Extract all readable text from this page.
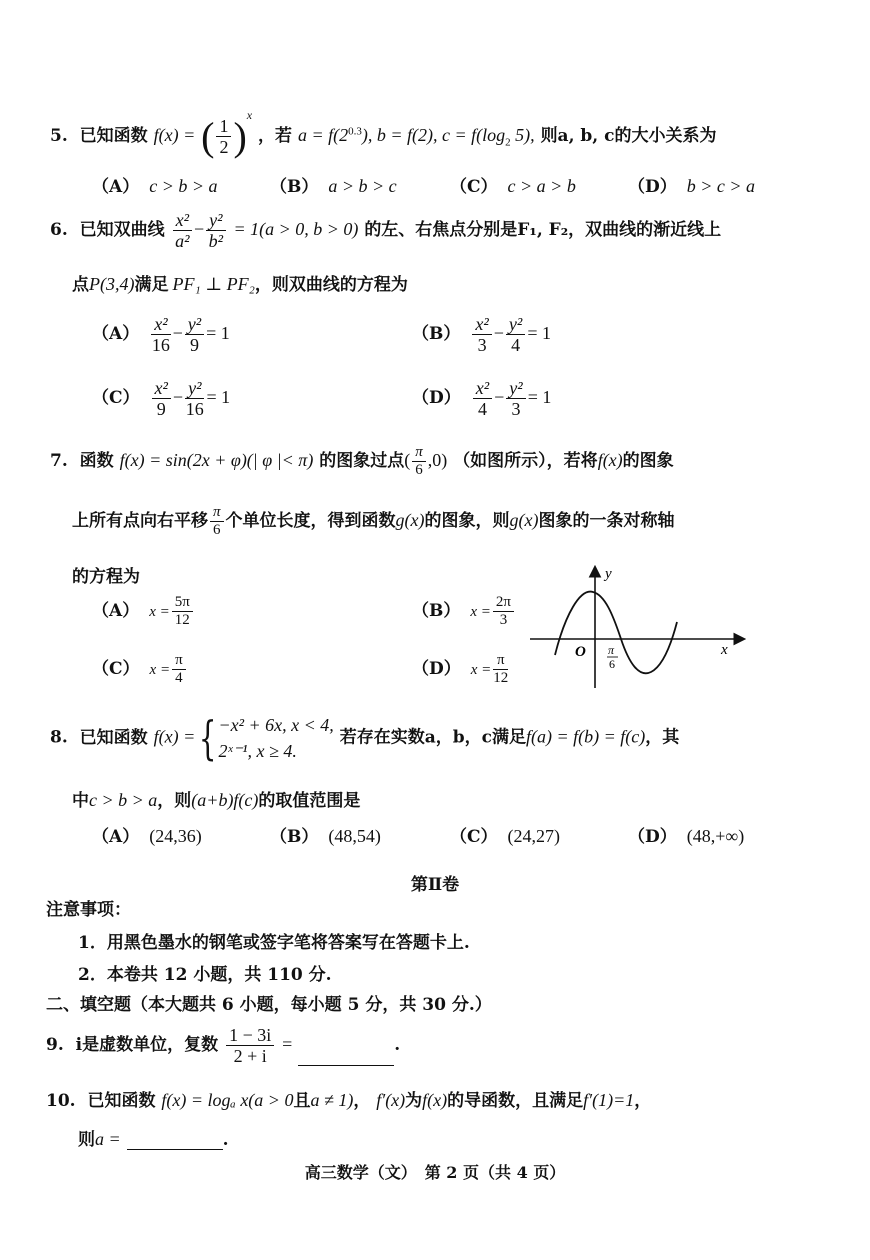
5. 已知函数 f(x) = ( $\frac{1}{2} )^x$ ，若 $a = f(2^{0.3})$, b = f(2), $c = f(\log_2$ 5), 则a, b, c的大小关系为
（A） c > b > a	（B） a > b > c	（C） c > a > b	（D） b > c > a
6. 已知双曲线 $\frac{\text{x²}}{\text{a²}} - \frac{\text{y²}}{\text{b²}} = 1(a > 0$, b > 0) 的左、右焦点分别是F₁, F₂，双曲线的渐近线上
点P(3,4)满足 PF₁ ⊥ PF₂，则双曲线的方程为
$(A) \frac{\text{x²}}{16} - \frac{\text{y²}}{9} = 1$	$(B) \frac{\text{x²}}{3} - \frac{\text{y²}}{4} = 1$
$(C) \frac{\text{x²}}{9} - \frac{\text{y²}}{16} = 1$	$(D) \frac{\text{x²}}{4} - \frac{\text{y²}}{3} = 1$
7. 函数 f(x) = sin(2x + φ)(| φ |< π) 的图象过点( $\frac{\pi}{6} ,0$) （如图所示），若将f(x)的图象
上所有点向右平移 $\frac{\pi}{6}$ 个单位长度，得到函数g(x)的图象，则g(x)图象的一条对称轴
的方程为
（A） $x = \frac{5\pi}{12}$	（B） $x = \frac{2\pi}{3}$
（C） $x = \frac{\pi}{4}$	（D） $x = \frac{\pi}{12}$
y
x
O π
6
8. 已知函数 f(x) ={ −x² + 6x, x < 4,
2ˣ⁻¹, x ≥ 4.
若存在实数a，b，c满足f(a) = f(b) = f(c)，其
中c > b > a，则(a+b)f(c)的取值范围是
（A） (24,36)	（B） (48,54)	（C） (24,27)	（D） (48,+∞)
第Ⅱ卷
注意事项：
1．用黑色墨水的钢笔或签字笔将答案写在答题卡上.
2．本卷共 12 小题，共 110 分.
二、填空题（本大题共 6 小题，每小题 5 分，共 30 分.）
9. i是虚数单位，复数 $\frac{1 - 3i}{2 + i}$ =	.
10. 已知函数 f(x) = logₐ x(a > 0且a ≠ 1)， f′(x)为f(x)的导函数，且满足f′(1)=1，
则a =	.
高三数学（文）　第 2 页（共 4 页）
